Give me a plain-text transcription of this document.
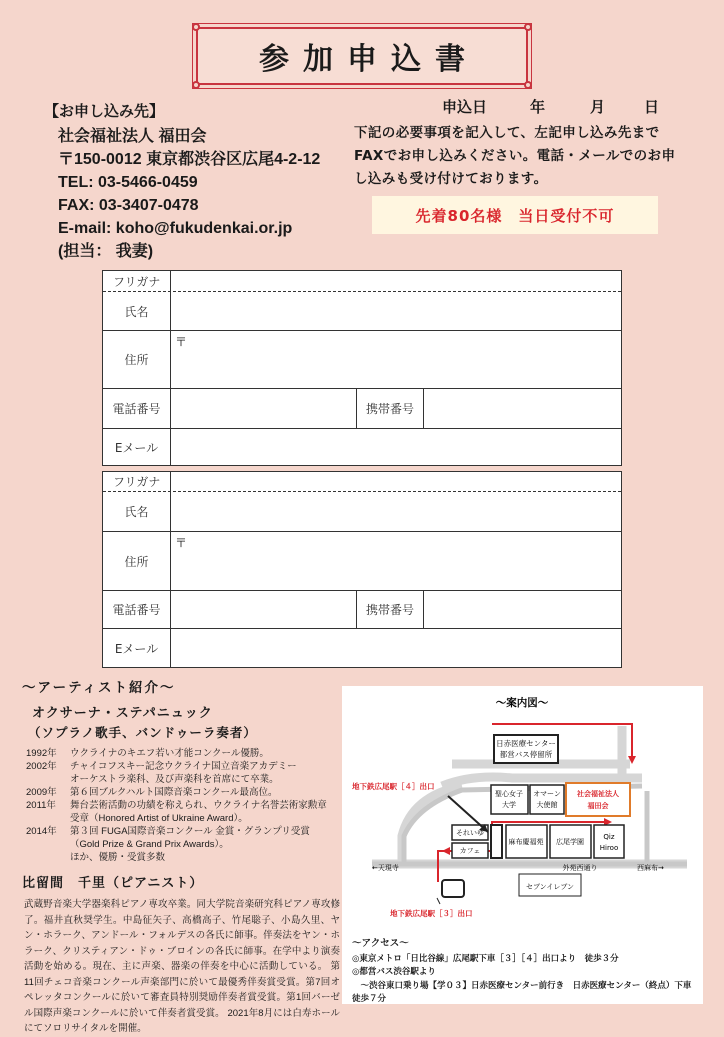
参加申込書
申込日	年	月	日
【お申し込み先】
社会福祉法人 福田会
〒150-0012 東京都渋谷区広尾4-2-12
TEL: 03-5466-0459
FAX: 03-3407-0478
E-mail: koho@fukudenkai.or.jp
(担当： 我妻)
下記の必要事項を記入して、左記申し込み先までFAXでお申し込みください。電話・メールでのお申し込みも受け付けております。
先着80名様　当日受付不可
フリガナ
氏名
住所
〒
電話番号	携帯番号
Eメール
フリガナ
氏名
住所
〒
電話番号	携帯番号
Eメール
〜アーティスト紹介〜
オクサーナ・ステパニュック
（ソプラノ歌手、バンドゥーラ奏者）
1992年	ウクライナのキエフ若い才能コンクール優勝。
2002年	チャイコフスキー記念ウクライナ国立音楽アカデミー
オーケストラ楽科、及び声楽科を首席にて卒業。
2009年	第６回ブルクハルト国際音楽コンクール最高位。
2011年	舞台芸術活動の功績を称えられ、ウクライナ名誉芸術家勲章
受章（Honored Artist of Ukraine Award）。
2014年	第３回 FUGA国際音楽コンクール 金賞・グランプリ受賞
（Gold Prize & Grand Prix Awards）。
ほか、優勝・受賞多数
比留間　千里（ピアニスト）
武蔵野音楽大学器楽科ピアノ専攻卒業。同大学院音楽研究科ピアノ専攻修了。福井直秋奨学生。中島征矢子、高橋高子、竹尾聡子、小島久里、ヤン・ホラーク、アンドール・フォルデスの各氏に師事。伴奏法をヤン・ホラーク、クリスティアン・ドゥ・ブロインの各氏に師事。在学中より演奏活動を始める。現在、主に声楽、器楽の伴奏を中心に活動している。 第11回チェコ音楽コンクール声楽部門に於いて最優秀伴奏賞受賞。第7回オペレッタコンクールに於いて審査員特別奨励伴奏者賞受賞。第1回バーゼル国際声楽コンクールに於いて伴奏者賞受賞。 2021年8月には白寿ホールにてソロリサイタルを開催。
〜案内図〜
日赤医療センター
都営バス停留所
聖心女子
大学
オマーン
大使館
社会福祉法人
福田会
地下鉄広尾駅［４］出口
それいゆ
カフェ
麻布慶福苑 広尾学園
Qiz
Hiroo
←天現寺	外苑西通り	西麻布→
セブンイレブン
地下鉄広尾駅［３］出口
〜アクセス〜
◎東京メトロ「日比谷線」広尾駅下車［３］［４］出口より　徒歩３分
◎都営バス渋谷駅より
　〜渋谷東口乗り場【学０３】日赤医療センター前行き　日赤医療センター（終点）下車　徒歩７分
